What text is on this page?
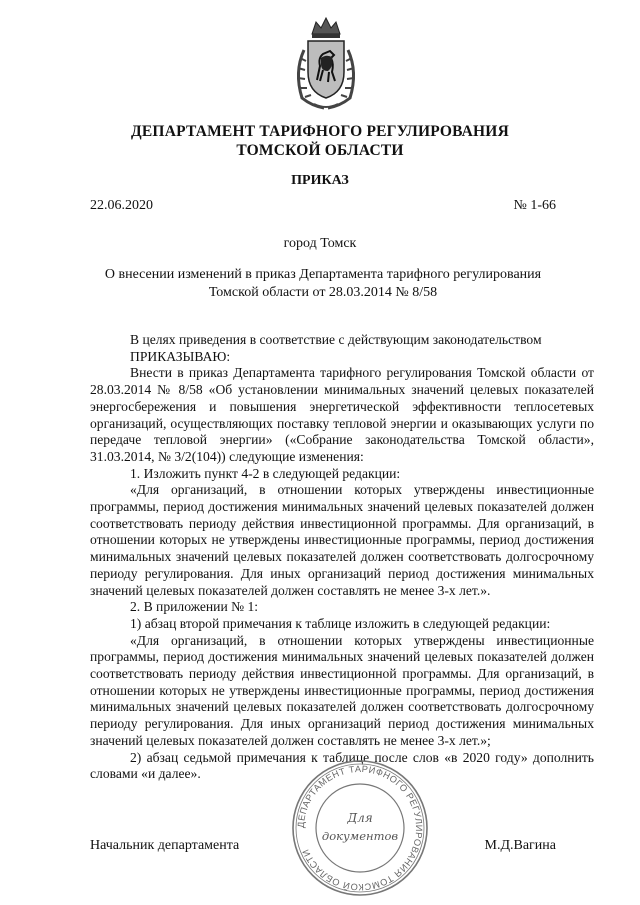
ДЕПАРТАМЕНТ ТАРИФНОГО РЕГУЛИРОВАНИЯ
ТОМСКОЙ ОБЛАСТИ
ПРИКАЗ
22.06.2020	№ 1-66
город Томск
О внесении изменений в приказ Департамента тарифного регулирования Томской области от 28.03.2014 № 8/58

В целях приведения в соответствие с действующим законодательством

ПРИКАЗЫВАЮ:

Внести в приказ Департамента тарифного регулирования Томской области от 28.03.2014 № 8/58 «Об установлении минимальных значений целевых показателей энергосбережения и повышения энергетической эффективности теплосетевых организаций, осуществляющих поставку тепловой энергии и оказывающих услуги по передаче тепловой энергии» («Собрание законодательства Томской области», 31.03.2014, № 3/2(104)) следующие изменения:

1. Изложить пункт 4-2 в следующей редакции:

«Для организаций, в отношении которых утверждены инвестиционные программы, период достижения минимальных значений целевых показателей должен соответствовать периоду действия инвестиционной программы. Для организаций, в отношении которых не утверждены инвестиционные программы, период достижения минимальных значений целевых показателей должен соответствовать долгосрочному периоду регулирования. Для иных организаций период достижения минимальных значений целевых показателей должен составлять не менее 3-х лет.».

2. В приложении № 1:

1) абзац второй примечания к таблице изложить в следующей редакции:

«Для организаций, в отношении которых утверждены инвестиционные программы, период достижения минимальных значений целевых показателей должен соответствовать периоду действия инвестиционной программы. Для организаций, в отношении которых не утверждены инвестиционные программы, период достижения минимальных значений целевых показателей должен соответствовать долгосрочному периоду регулирования. Для иных организаций период достижения минимальных значений целевых показателей должен составлять не менее 3-х лет.»;

2) абзац седьмой примечания к таблице после слов «в 2020 году» дополнить словами «и далее».

ДЕПАРТАМЕНТ ТАРИФНОГО РЕГУЛИРОВАНИЯ ТОМСКОЙ ОБЛАСТИ
Для
документов
Начальник департамента	М.Д.Вагина
